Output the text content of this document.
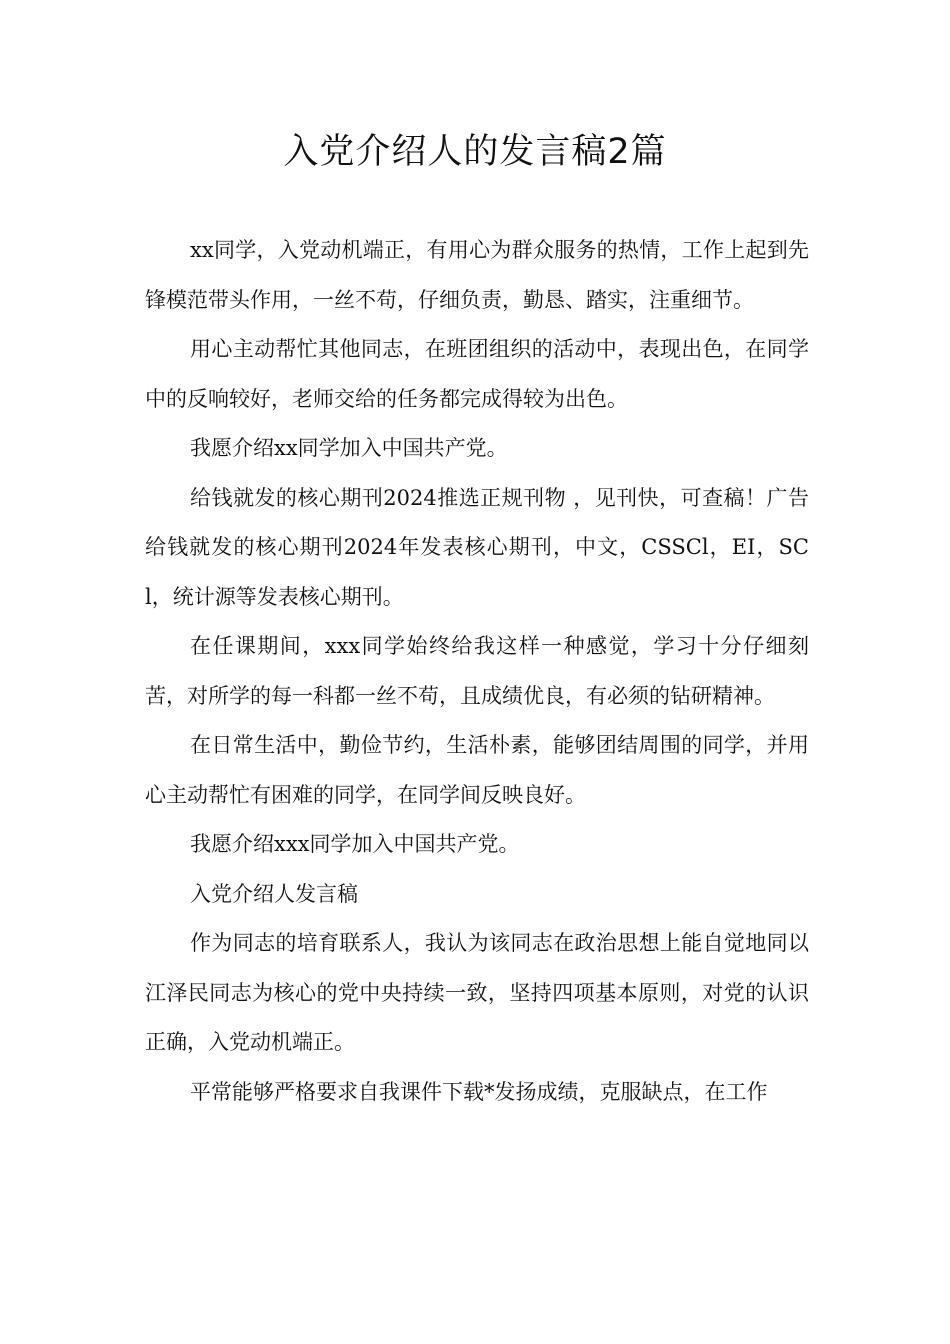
入党介绍人的发言稿2篇

xx同学，入党动机端正，有用心为群众服务的热情，工作上起到先锋模范带头作用，一丝不苟，仔细负责，勤恳、踏实，注重细节。

用心主动帮忙其他同志，在班团组织的活动中，表现出色，在同学中的反响较好，老师交给的任务都完成得较为出色。

我愿介绍xx同学加入中国共产党。

给钱就发的核心期刊2024推选正规刊物 ，见刊快，可查稿！广告　给钱就发的核心期刊2024年发表核心期刊，中文，CSSCl，EI，SCl，统计源等发表核心期刊。

在任课期间，xxx同学始终给我这样一种感觉，学习十分仔细刻苦，对所学的每一科都一丝不苟，且成绩优良，有必须的钻研精神。

在日常生活中，勤俭节约，生活朴素，能够团结周围的同学，并用心主动帮忙有困难的同学，在同学间反映良好。

我愿介绍xxx同学加入中国共产党。

入党介绍人发言稿

作为同志的培育联系人，我认为该同志在政治思想上能自觉地同以江泽民同志为核心的党中央持续一致，坚持四项基本原则，对党的认识正确，入党动机端正。

平常能够严格要求自我课件下载*发扬成绩，克服缺点，在工作
